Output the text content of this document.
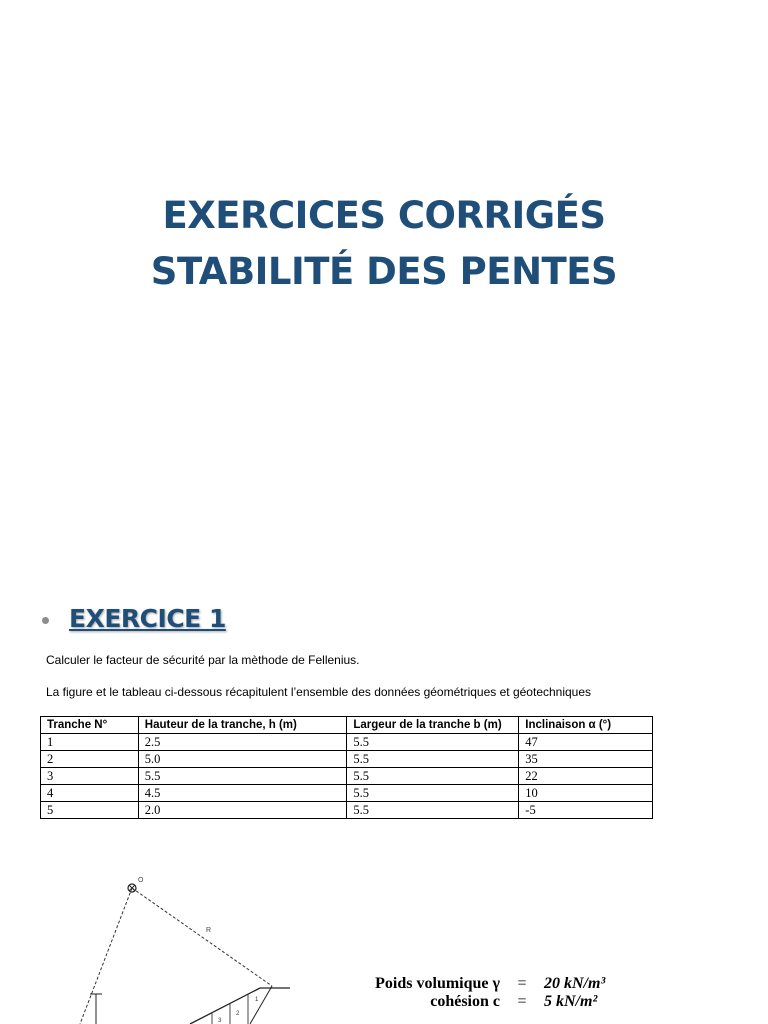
EXERCICES CORRIGÉS
STABILITÉ DES PENTES
EXERCICE 1
Calculer le facteur de sécurité par la mèthode de Fellenius.
La figure et le tableau ci-dessous récapitulent l’ensemble des données géométriques et géotechniques
Tranche N°	Hauteur de la tranche, h (m)	Largeur de la tranche b (m)	Inclinaison α (°)
1	2.5	5.5	47
2	5.0	5.5	35
3	5.5	5.5	22
4	4.5	5.5	10
5	2.0	5.5	-5
O
R
1
2
3
Poids volumique γ	=	20 kN/m³
cohésion c	=	5 kN/m²
